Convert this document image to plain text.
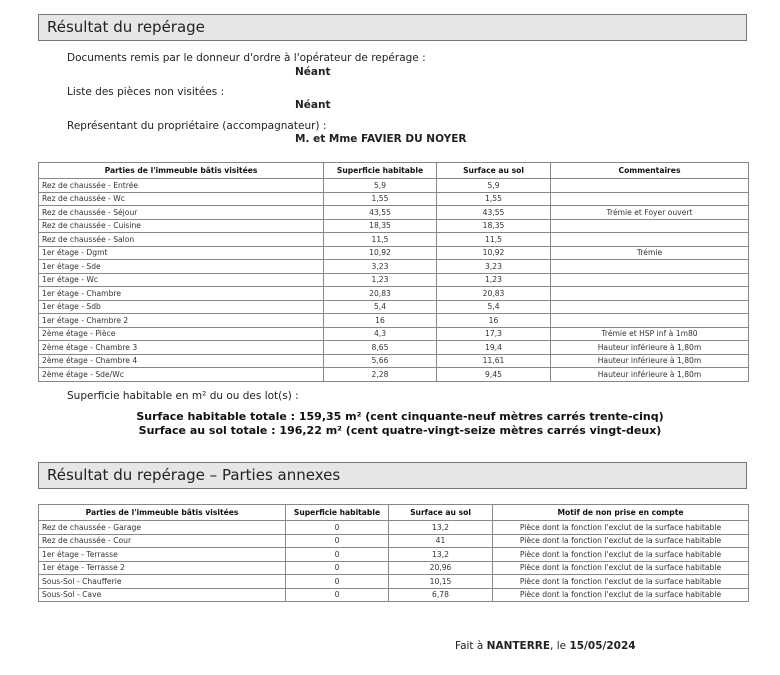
Résultat du repérage
Documents remis par le donneur d'ordre à l'opérateur de repérage :
Néant
Liste des pièces non visitées :
Néant
Représentant du propriétaire (accompagnateur) :
M. et Mme FAVIER DU NOYER
Parties de l'immeuble bâtis visitées	Superficie habitable	Surface au sol	Commentaires
Rez de chaussée - Entrée	5,9	5,9	
Rez de chaussée - Wc	1,55	1,55	
Rez de chaussée - Séjour	43,55	43,55	Trémie et Foyer ouvert
Rez de chaussée - Cuisine	18,35	18,35	
Rez de chaussée - Salon	11,5	11,5	
1er étage - Dgmt	10,92	10,92	Trémie
1er étage - Sde	3,23	3,23	
1er étage - Wc	1,23	1,23	
1er étage - Chambre	20,83	20,83	
1er étage - Sdb	5,4	5,4	
1er étage - Chambre 2	16	16	
2ème étage - Pièce	4,3	17,3	Trémie et HSP inf à 1m80
2ème étage - Chambre 3	8,65	19,4	Hauteur inférieure à 1,80m
2ème étage - Chambre 4	5,66	11,61	Hauteur inférieure à 1,80m
2ème étage - Sde/Wc	2,28	9,45	Hauteur inférieure à 1,80m
Superficie habitable en m² du ou des lot(s) :
Surface habitable totale : 159,35 m² (cent cinquante-neuf mètres carrés trente-cinq)
Surface au sol totale : 196,22 m² (cent quatre-vingt-seize mètres carrés vingt-deux)
Résultat du repérage – Parties annexes
Parties de l'immeuble bâtis visitées	Superficie habitable	Surface au sol	Motif de non prise en compte
Rez de chaussée - Garage	0	13,2	Pièce dont la fonction l'exclut de la surface habitable
Rez de chaussée - Cour	0	41	Pièce dont la fonction l'exclut de la surface habitable
1er étage - Terrasse	0	13,2	Pièce dont la fonction l'exclut de la surface habitable
1er étage - Terrasse 2	0	20,96	Pièce dont la fonction l'exclut de la surface habitable
Sous-Sol - Chaufferie	0	10,15	Pièce dont la fonction l'exclut de la surface habitable
Sous-Sol - Cave	0	6,78	Pièce dont la fonction l'exclut de la surface habitable
Fait à NANTERRE, le 15/05/2024
